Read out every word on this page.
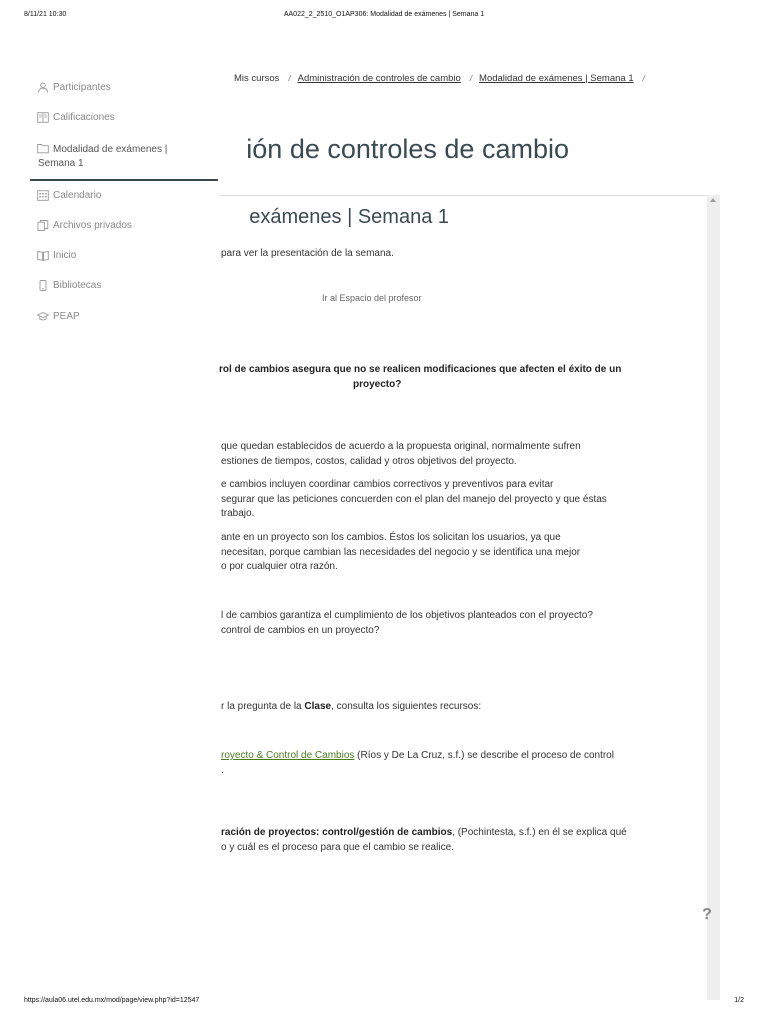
8/11/21 10:30	AA022_2_2510_O1AP306: Modalidad de exámenes | Semana 1
Mis cursos / Administración de controles de cambio / Modalidad de exámenes | Semana 1 /
ión de controles de cambio
exámenes | Semana 1
para ver la presentación de la semana.
Ir al Espacio del profesor
rol de cambios asegura que no se realicen modificaciones que afecten el éxito de un
proyecto?
que quedan establecidos de acuerdo a la propuesta original, normalmente sufren
estiones de tiempos, costos, calidad y otros objetivos del proyecto.
e cambios incluyen coordinar cambios correctivos y preventivos para evitar
segurar que las peticiones concuerden con el plan del manejo del proyecto y que éstas
trabajo.
ante en un proyecto son los cambios. Éstos los solicitan los usuarios, ya que
necesitan, porque cambian las necesidades del negocio y se identifica una mejor
o por cualquier otra razón.
l de cambios garantiza el cumplimiento de los objetivos planteados con el proyecto?
control de cambios en un proyecto?
r la pregunta de la Clase, consulta los siguientes recursos:
royecto & Control de Cambios (Ríos y De La Cruz, s.f.) se describe el proceso de control
.
ración de proyectos: control/gestión de cambios, (Pochintesta, s.f.) en él se explica qué
o y cuál es el proceso para que el cambio se realice.
Participantes
Calificaciones
Modalidad de exámenes |
Semana 1
Calendario
Archivos privados
Inicio
Bibliotecas
PEAP
?
https://aula06.utel.edu.mx/mod/page/view.php?id=12547	1/2
